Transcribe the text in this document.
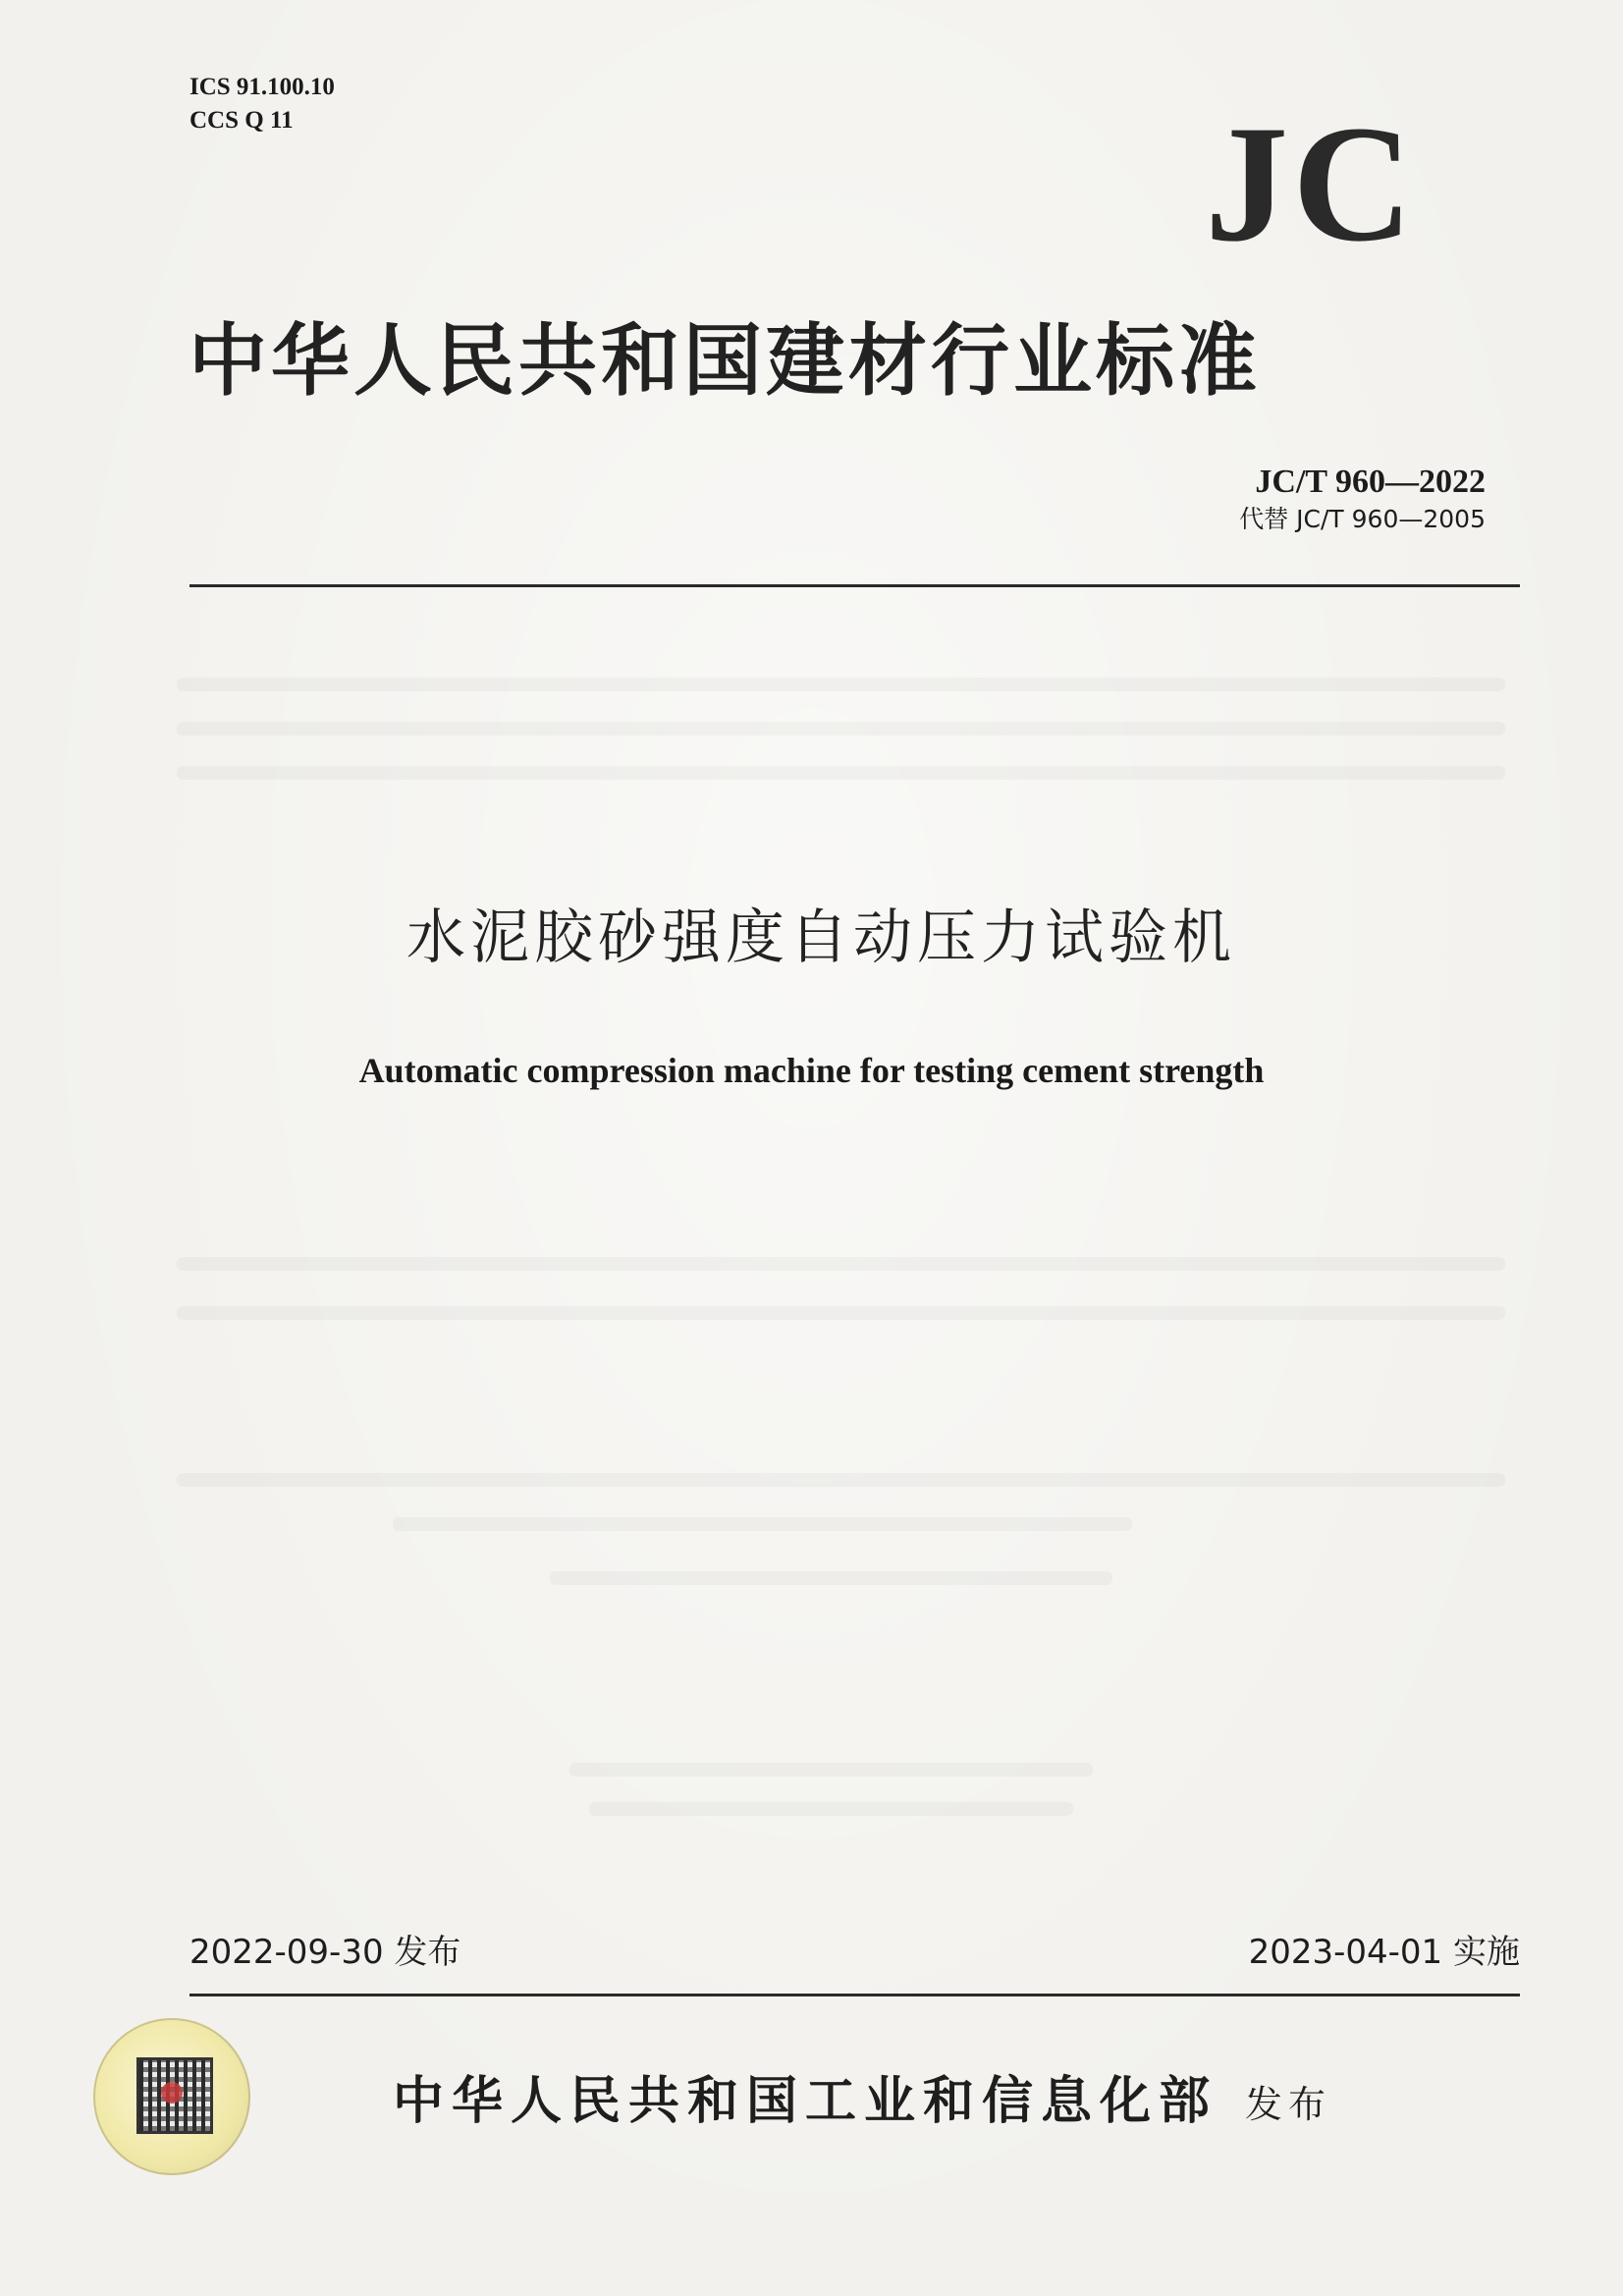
ICS 91.100.10
CCS Q 11	JC
中华人民共和国建材行业标准
JC/T 960—2022
代替 JC/T 960—2005
水泥胶砂强度自动压力试验机
Automatic compression machine for testing cement strength
2022-09-30 发布	2023-04-01 实施
中华人民共和国工业和信息化部 发布
